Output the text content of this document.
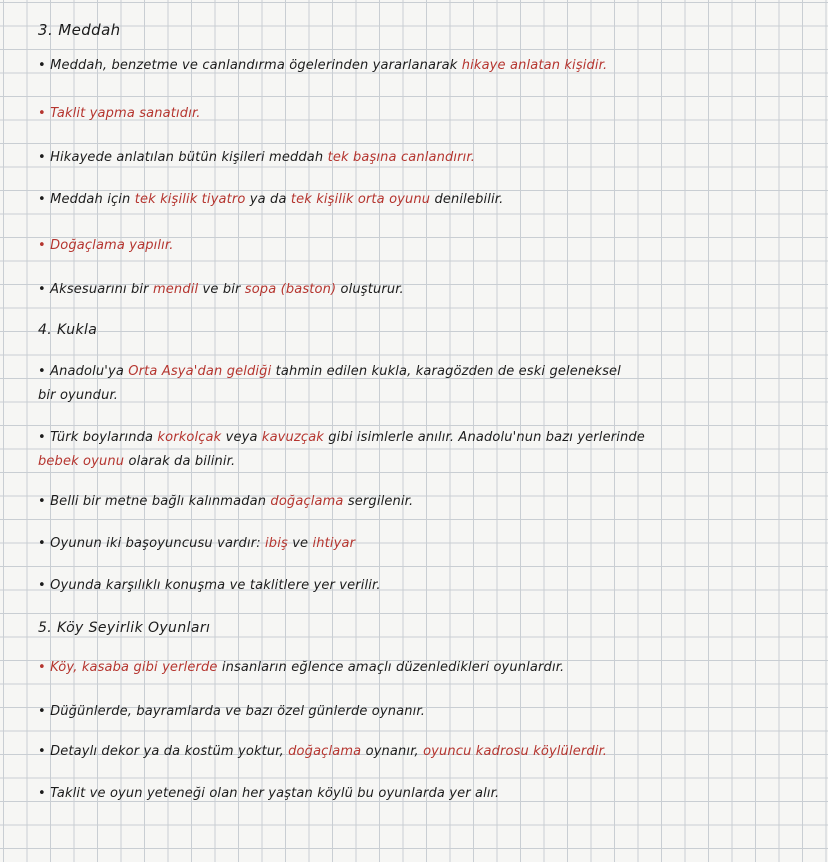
3. Meddah
• Meddah, benzetme ve canlandırma ögelerinden yararlanarak hikaye anlatan kişidir.
• Taklit yapma sanatıdır.
• Hikayede anlatılan bütün kişileri meddah tek başına canlandırır.
• Meddah için tek kişilik tiyatro ya da tek kişilik orta oyunu denilebilir.
• Doğaçlama yapılır.
• Aksesuarını bir mendil ve bir sopa (baston) oluşturur.
4. Kukla
• Anadolu'ya Orta Asya'dan geldiği tahmin edilen kukla, karagözden de eski geleneksel
bir oyundur.
• Türk boylarında korkolçak veya kavuzçak gibi isimlerle anılır. Anadolu'nun bazı yerlerinde
bebek oyunu olarak da bilinir.
• Belli bir metne bağlı kalınmadan doğaçlama sergilenir.
• Oyunun iki başoyuncusu vardır: ibiş ve ihtiyar
• Oyunda karşılıklı konuşma ve taklitlere yer verilir.
5. Köy Seyirlik Oyunları
• Köy, kasaba gibi yerlerde insanların eğlence amaçlı düzenledikleri oyunlardır.
• Düğünlerde, bayramlarda ve bazı özel günlerde oynanır.
• Detaylı dekor ya da kostüm yoktur, doğaçlama oynanır, oyuncu kadrosu köylülerdir.
• Taklit ve oyun yeteneği olan her yaştan köylü bu oyunlarda yer alır.
